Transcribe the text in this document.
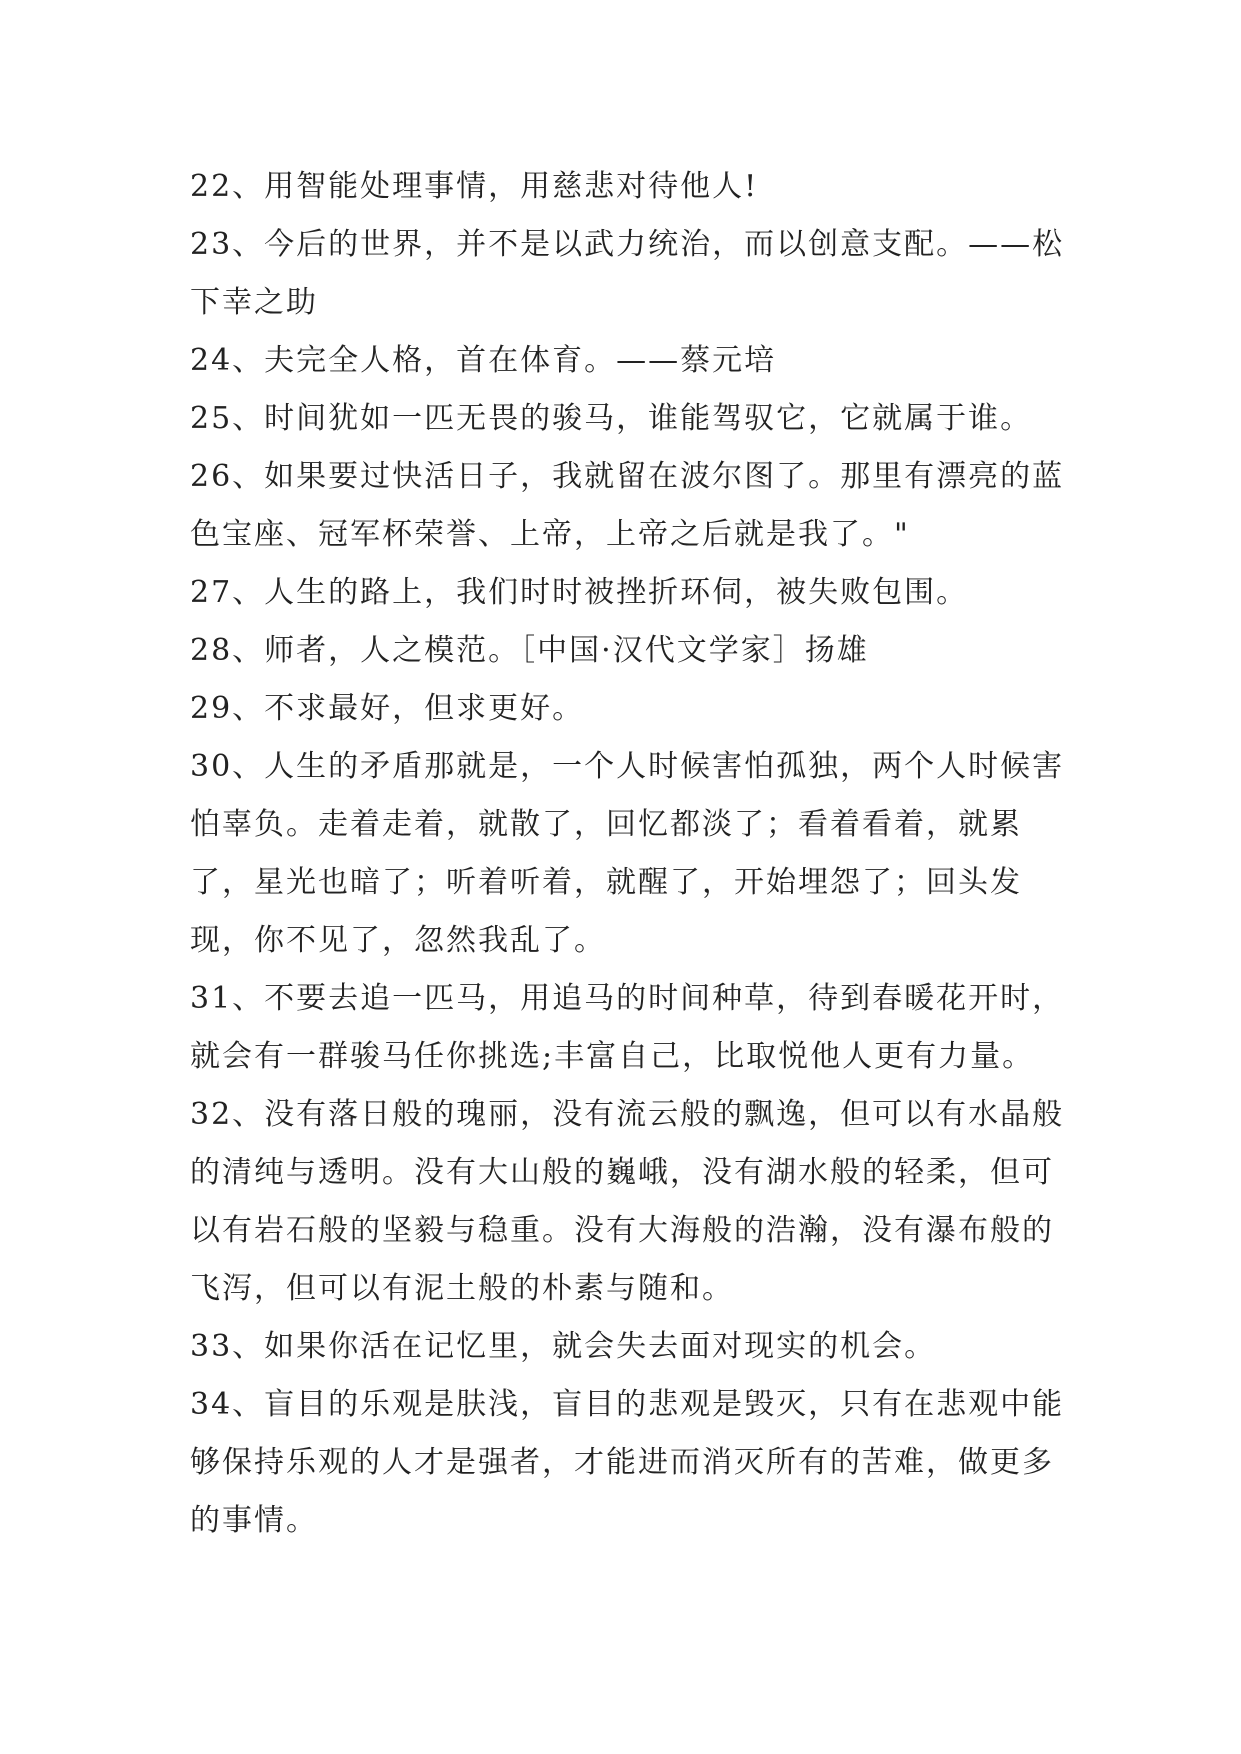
22、用智能处理事情，用慈悲对待他人!

23、今后的世界，并不是以武力统治，而以创意支配。——松下幸之助

24、夫完全人格，首在体育。——蔡元培

25、时间犹如一匹无畏的骏马，谁能驾驭它，它就属于谁。

26、如果要过快活日子，我就留在波尔图了。那里有漂亮的蓝色宝座、冠军杯荣誉、上帝，上帝之后就是我了。"

27、人生的路上，我们时时被挫折环伺，被失败包围。

28、师者，人之模范。［中国·汉代文学家］扬雄

29、不求最好，但求更好。

30、人生的矛盾那就是，一个人时候害怕孤独，两个人时候害怕辜负。走着走着，就散了，回忆都淡了；看着看着，就累了，星光也暗了；听着听着，就醒了，开始埋怨了；回头发现，你不见了，忽然我乱了。

31、不要去追一匹马，用追马的时间种草，待到春暖花开时，就会有一群骏马任你挑选;丰富自己，比取悦他人更有力量。

32、没有落日般的瑰丽，没有流云般的飘逸，但可以有水晶般的清纯与透明。没有大山般的巍峨，没有湖水般的轻柔，但可以有岩石般的坚毅与稳重。没有大海般的浩瀚，没有瀑布般的飞泻，但可以有泥土般的朴素与随和。

33、如果你活在记忆里，就会失去面对现实的机会。

34、盲目的乐观是肤浅，盲目的悲观是毁灭，只有在悲观中能够保持乐观的人才是强者，才能进而消灭所有的苦难，做更多的事情。
